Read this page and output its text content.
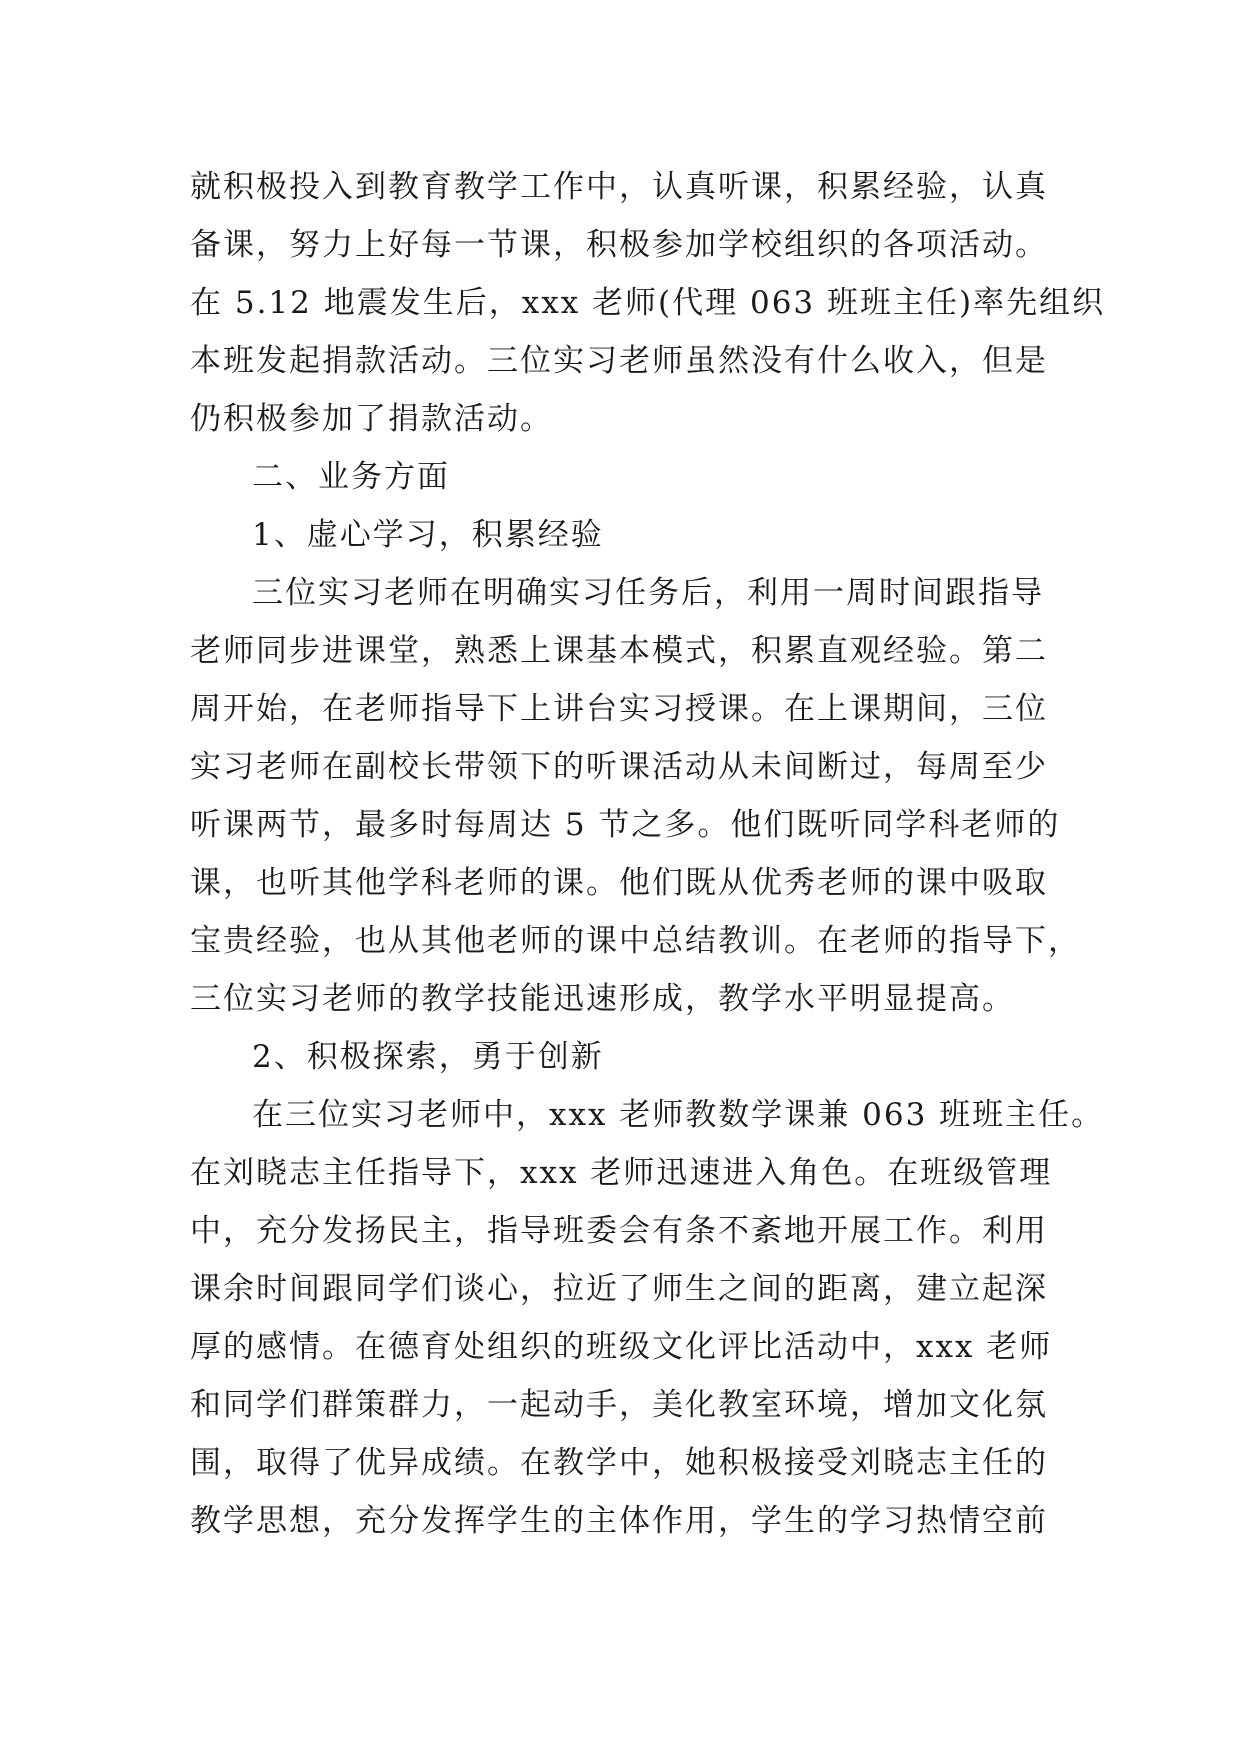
就积极投入到教育教学工作中，认真听课，积累经验，认真
备课，努力上好每一节课，积极参加学校组织的各项活动。
在 5.12 地震发生后，xxx 老师(代理 063 班班主任)率先组织
本班发起捐款活动。三位实习老师虽然没有什么收入，但是
仍积极参加了捐款活动。
二、业务方面
1、虚心学习，积累经验
三位实习老师在明确实习任务后，利用一周时间跟指导
老师同步进课堂，熟悉上课基本模式，积累直观经验。第二
周开始，在老师指导下上讲台实习授课。在上课期间，三位
实习老师在副校长带领下的听课活动从未间断过，每周至少
听课两节，最多时每周达 5 节之多。他们既听同学科老师的
课，也听其他学科老师的课。他们既从优秀老师的课中吸取
宝贵经验，也从其他老师的课中总结教训。在老师的指导下，
三位实习老师的教学技能迅速形成，教学水平明显提高。
2、积极探索，勇于创新
在三位实习老师中，xxx 老师教数学课兼 063 班班主任。
在刘晓志主任指导下，xxx 老师迅速进入角色。在班级管理
中，充分发扬民主，指导班委会有条不紊地开展工作。利用
课余时间跟同学们谈心，拉近了师生之间的距离，建立起深
厚的感情。在德育处组织的班级文化评比活动中，xxx 老师
和同学们群策群力，一起动手，美化教室环境，增加文化氛
围，取得了优异成绩。在教学中，她积极接受刘晓志主任的
教学思想，充分发挥学生的主体作用，学生的学习热情空前
